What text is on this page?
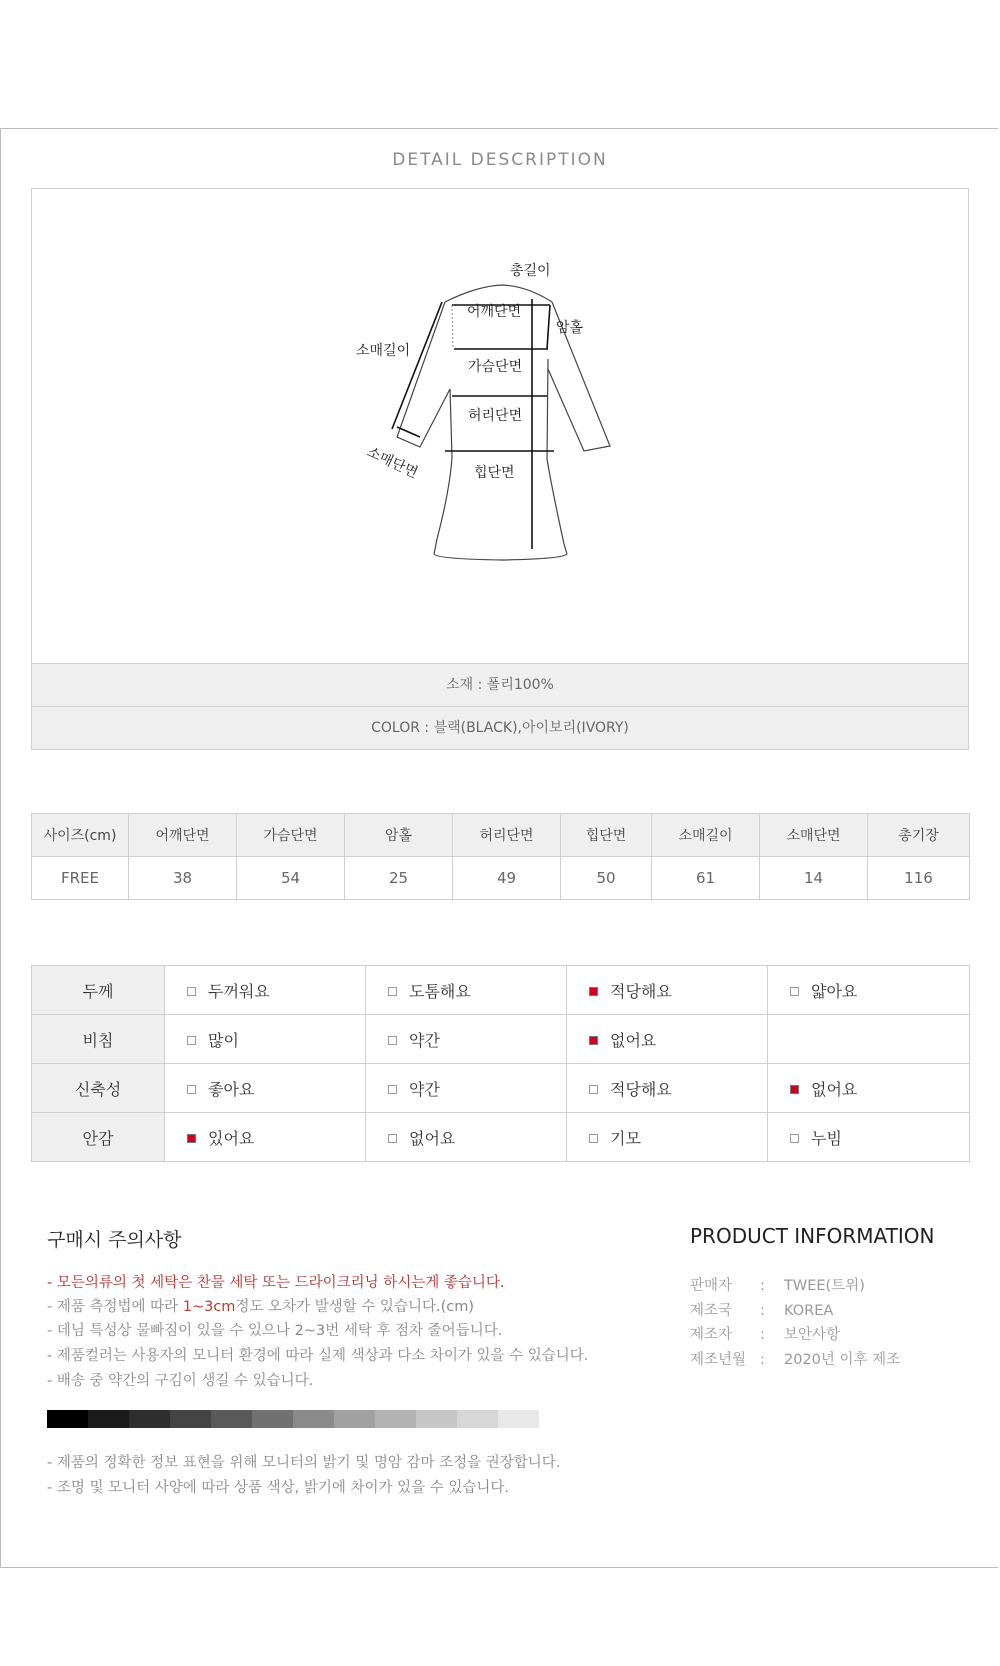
DETAIL DESCRIPTION
총길이
어깨단면
암홀
소매길이
가슴단면
허리단면
소매단면	힙단면
소재 : 폴리100%
COLOR : 블랙(BLACK),아이보리(IVORY)
사이즈(cm)	어깨단면	가슴단면	암홀	허리단면	힙단면	소매길이	소매단면	총기장
FREE	38	54	25	49	50	61	14	116
두께	두꺼워요	도톰해요	적당해요	얇아요
비침	많이	약간	없어요	
신축성	좋아요	약간	적당해요	없어요
안감	있어요	없어요	기모	누빔
구매시 주의사항
- 모든의류의 첫 세탁은 찬물 세탁 또는 드라이크리닝 하시는게 좋습니다.
- 제품 측정법에 따라 1~3cm정도 오차가 발생할 수 있습니다.(cm)
- 데님 특성상 물빠짐이 있을 수 있으나 2~3번 세탁 후 점차 줄어듭니다.
- 제품컬러는 사용자의 모니터 환경에 따라 실제 색상과 다소 차이가 있을 수 있습니다.
- 배송 중 약간의 구김이 생길 수 있습니다.
- 제품의 정확한 정보 표현을 위해 모니터의 밝기 및 명암 감마 조정을 권장합니다.
- 조명 및 모니터 사양에 따라 상품 색상, 밝기에 차이가 있을 수 있습니다.
PRODUCT INFORMATION
판매자 : TWEE(트위)
제조국 : KOREA
제조자 : 보안사항
제조년월 : 2020년 이후 제조
